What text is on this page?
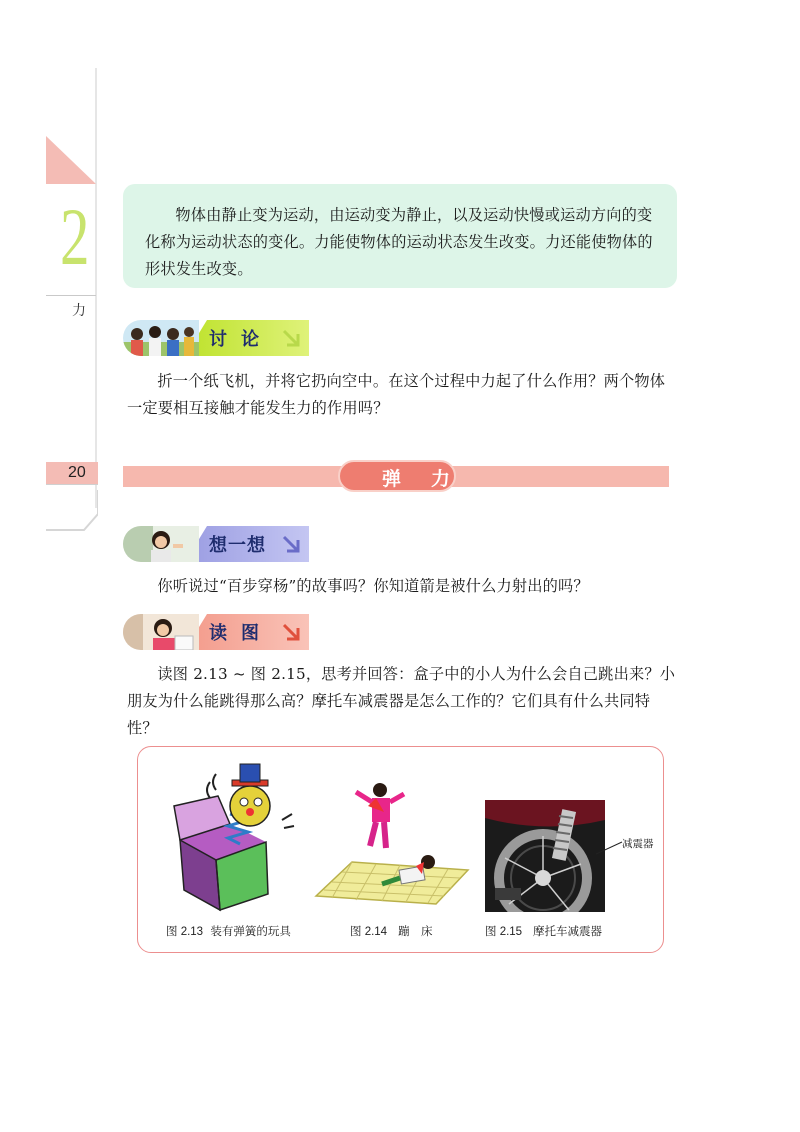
2
力
20

物体由静止变为运动，由运动变为静止，以及运动快慢或运动方向的变化称为运动状态的变化。力能使物体的运动状态发生改变。力还能使物体的形状发生改变。

讨论

折一个纸飞机，并将它扔向空中。在这个过程中力起了什么作用？两个物体一定要相互接触才能发生力的作用吗？

弹力
想一想

你听说过“百步穿杨”的故事吗？你知道箭是被什么力射出的吗？

读图

读图 2.13 ~ 图 2.15，思考并回答：盒子中的小人为什么会自己跳出来？小朋友为什么能跳得那么高？摩托车减震器是怎么工作的？它们具有什么共同特性？

减震器
图 2.13 装有弹簧的玩具	图 2.14 蹦　床	图 2.15 摩托车减震器
